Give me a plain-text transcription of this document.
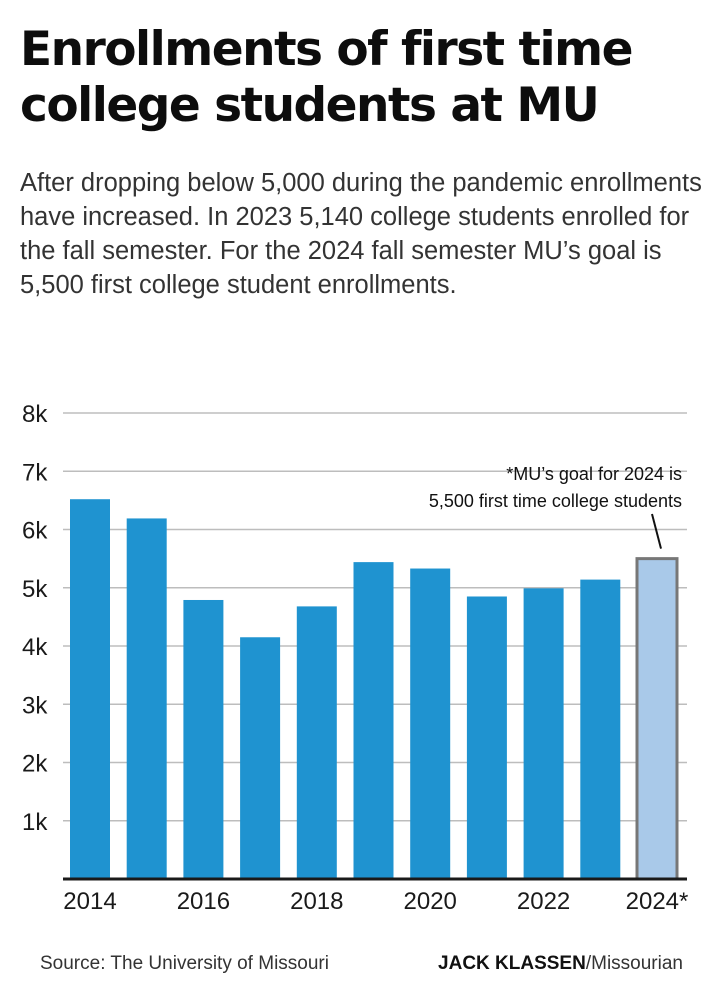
Enrollments of first time college students at MU

After dropping below 5,000 during the pandemic enrollments have increased. In 2023 5,140 college students enrolled for the fall semester. For the 2024 fall semester MU’s goal is 5,500 first college student enrollments.

1k
2k
3k
4k
5k
6k
7k
8k
2014	2016	2018	2020	2022 2024*
*MU’s goal for 2024 is
5,500 first time college students
Source: The University of Missouri	JACK KLASSEN/Missourian
